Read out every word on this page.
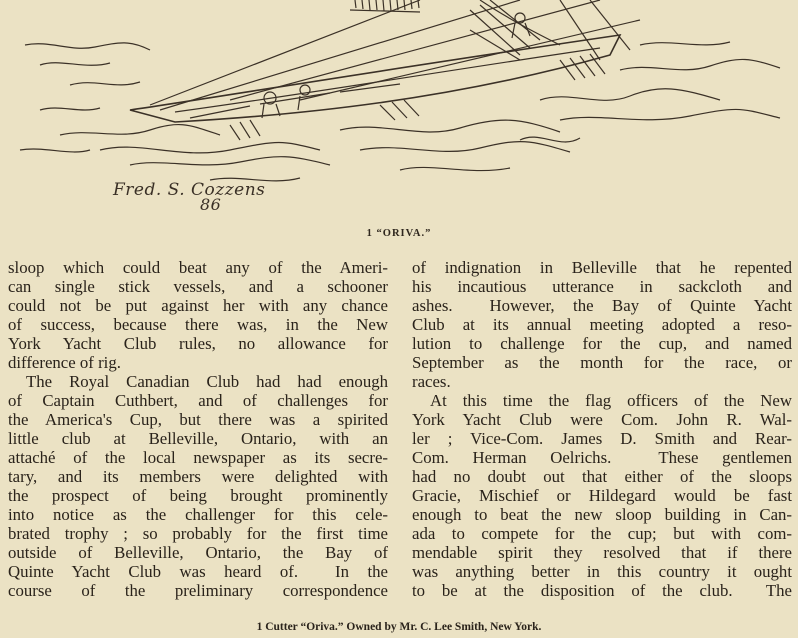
Fred. S. Cozzens
86
1 “ORIVA.”
sloop which could beat any of the Ameri-
can single stick vessels, and a schooner
could not be put against her with any chance
of success, because there was, in the New
York Yacht Club rules, no allowance for
difference of rig.
The Royal Canadian Club had had enough
of Captain Cuthbert, and of challenges for
the America's Cup, but there was a spirited
little club at Belleville, Ontario, with an
attaché of the local newspaper as its secre-
tary, and its members were delighted with
the prospect of being brought prominently
into notice as the challenger for this cele-
brated trophy ; so probably for the first time
outside of Belleville, Ontario, the Bay of
Quinte Yacht Club was heard of.  In the
course of the preliminary correspondence
of indignation in Belleville that he repented
his incautious utterance in sackcloth and
ashes.  However, the Bay of Quinte Yacht
Club at its annual meeting adopted a reso-
lution to challenge for the cup, and named
September as the month for the race, or
races.
At this time the flag officers of the New
York Yacht Club were Com. John R. Wal-
ler ; Vice-Com. James D. Smith and Rear-
Com. Herman Oelrichs.  These gentlemen
had no doubt out that either of the sloops
Gracie, Mischief or Hildegard would be fast
enough to beat the new sloop building in Can-
ada to compete for the cup; but with com-
mendable spirit they resolved that if there
was anything better in this country it ought
to be at the disposition of the club.  The
1 Cutter “Oriva.” Owned by Mr. C. Lee Smith, New York.
